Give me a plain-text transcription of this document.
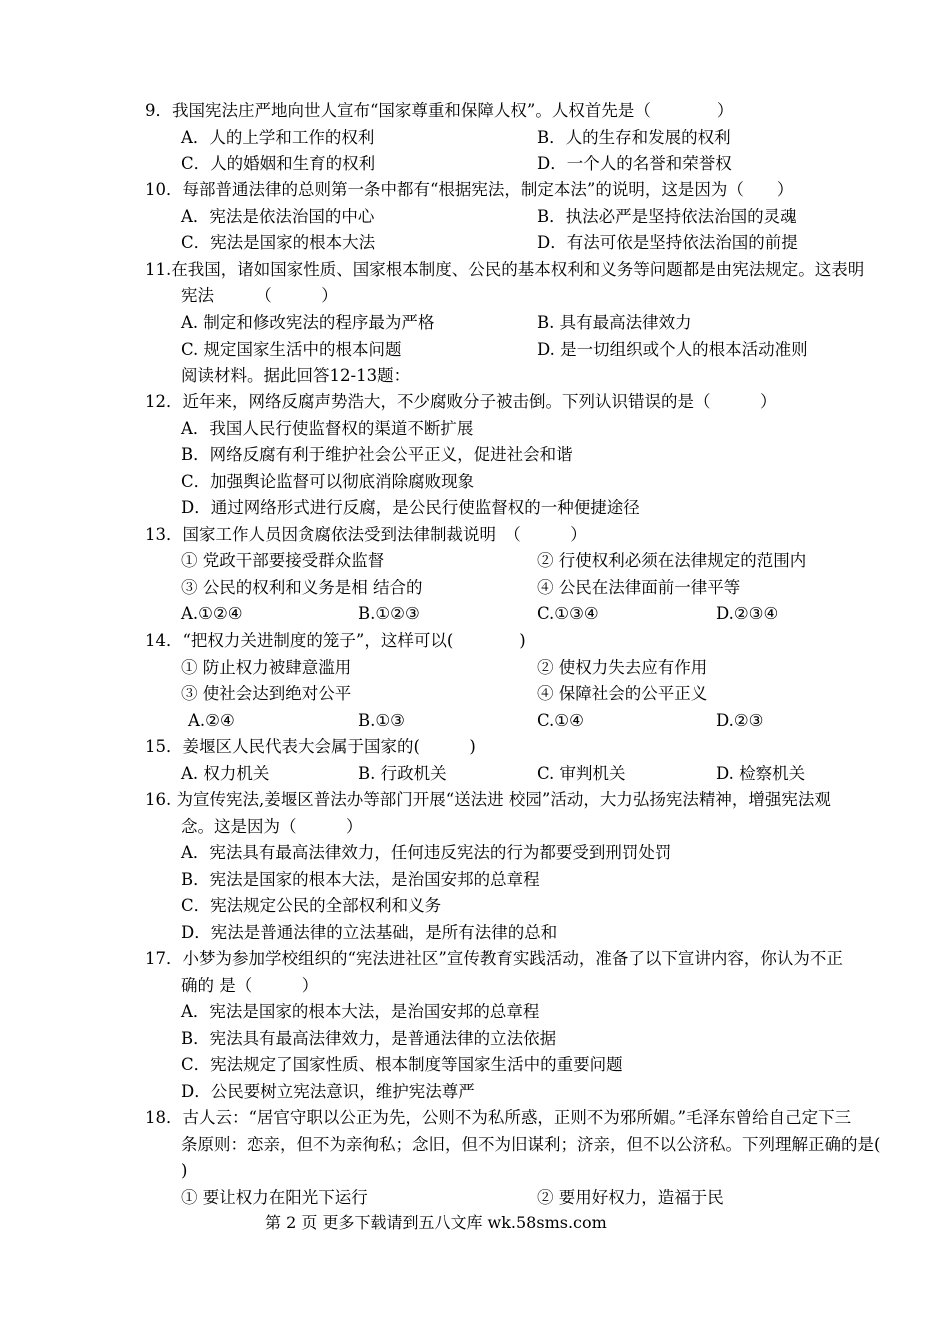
9．我国宪法庄严地向世人宣布“国家尊重和保障人权”。人权首先是（　　　　）
A．人的上学和工作的权利	B．人的生存和发展的权利
C．人的婚姻和生育的权利	D．一个人的名誉和荣誉权
10．每部普通法律的总则第一条中都有“根据宪法，制定本法”的说明，这是因为（　　）
A．宪法是依法治国的中心	B．执法必严是坚持依法治国的灵魂
C．宪法是国家的根本大法	D．有法可依是坚持依法治国的前提
11.在我国，诸如国家性质、国家根本制度、公民的基本权利和义务等问题都是由宪法规定。这表明
宪法　　　（　　　）
A. 制定和修改宪法的程序最为严格	B. 具有最高法律效力
C. 规定国家生活中的根本问题	D. 是一切组织或个人的根本活动准则
阅读材料。据此回答12-13题：
12．近年来，网络反腐声势浩大，不少腐败分子被击倒。下列认识错误的是（　　　）
A．我国人民行使监督权的渠道不断扩展
B．网络反腐有利于维护社会公平正义，促进社会和谐
C．加强舆论监督可以彻底消除腐败现象
D．通过网络形式进行反腐，是公民行使监督权的一种便捷途径
13．国家工作人员因贪腐依法受到法律制裁说明　（　　　）
① 党政干部要接受群众监督	② 行使权利必须在法律规定的范围内
③ 公民的权利和义务是相 结合的	④ 公民在法律面前一律平等
A.①②④	B.①②③	C.①③④	D.②③④
14．“把权力关进制度的笼子”，这样可以(　　　　)
① 防止权力被肆意滥用	② 使权力失去应有作用
③ 使社会达到绝对公平	④ 保障社会的公平正义
A.②④	B.①③	C.①④	D.②③
15．姜堰区人民代表大会属于国家的(　　　)
A. 权力机关	B. 行政机关	C. 审判机关	D. 检察机关
16. 为宣传宪法,姜堰区普法办等部门开展“送法进 校园”活动，大力弘扬宪法精神，增强宪法观
念。这是因为（　　　）
A．宪法具有最高法律效力，任何违反宪法的行为都要受到刑罚处罚
B．宪法是国家的根本大法，是治国安邦的总章程
C．宪法规定公民的全部权利和义务
D．宪法是普通法律的立法基础，是所有法律的总和
17．小梦为参加学校组织的“宪法进社区”宣传教育实践活动，准备了以下宣讲内容，你认为不正
确的 是（　　　）
A．宪法是国家的根本大法，是治国安邦的总章程
B．宪法具有最高法律效力，是普通法律的立法依据
C．宪法规定了国家性质、根本制度等国家生活中的重要问题
D．公民要树立宪法意识，维护宪法尊严
18．古人云：“居官守职以公正为先，公则不为私所惑，正则不为邪所媚。”毛泽东曾给自己定下三
条原则：恋亲，但不为亲徇私；念旧，但不为旧谋利；济亲，但不以公济私。下列理解正确的是(
)
① 要让权力在阳光下运行	② 要用好权力，造福于民
第 2 页 更多下载请到五八文库 wk.58sms.com
